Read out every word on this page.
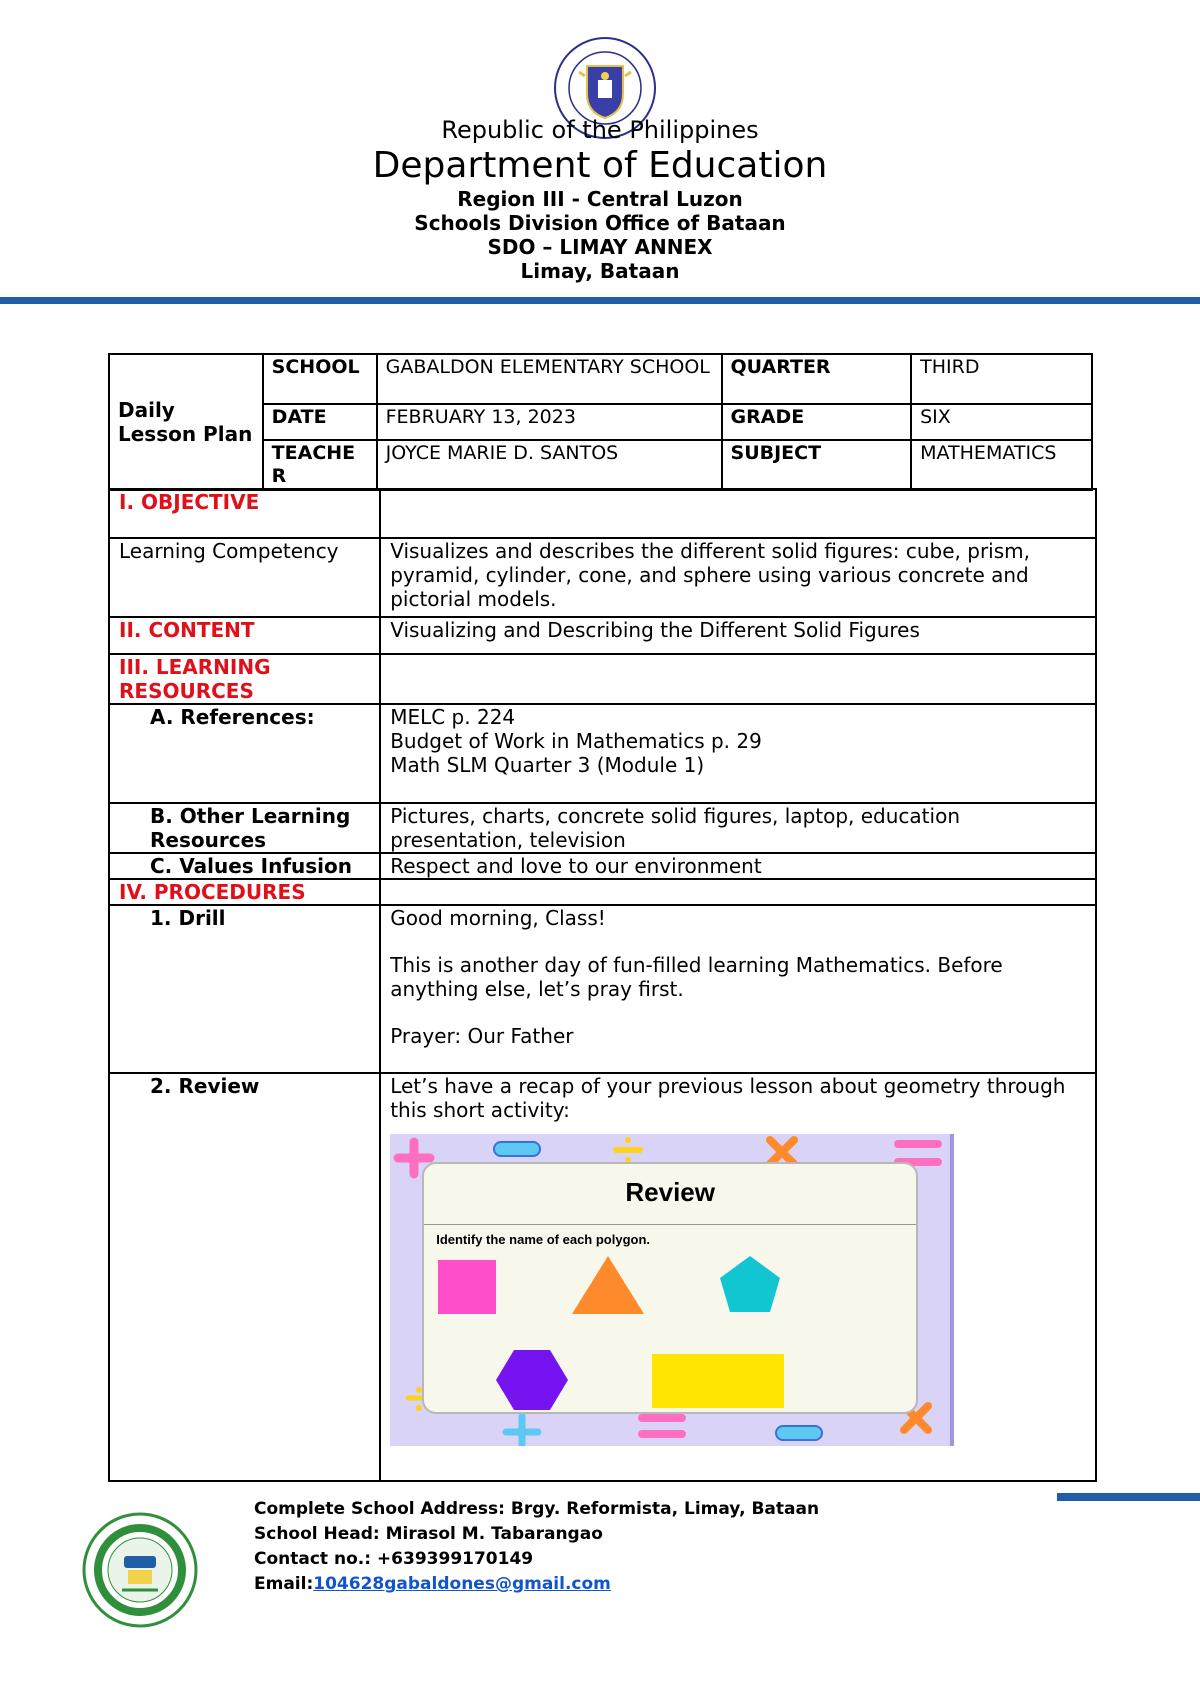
Republic of the Philippines
Department of Education
Region III - Central Luzon
Schools Division Office of Bataan
SDO – LIMAY ANNEX
Limay, Bataan
Daily Lesson Plan	SCHOOL	GABALDON ELEMENTARY SCHOOL	QUARTER	THIRD
	DATE	FEBRUARY 13, 2023	GRADE	SIX
	TEACHE R	JOYCE MARIE D. SANTOS	SUBJECT	MATHEMATICS
I. OBJECTIVE	
Learning Competency	Visualizes and describes the different solid figures: cube, prism, pyramid, cylinder, cone, and sphere using various concrete and pictorial models.
II. CONTENT	Visualizing and Describing the Different Solid Figures
III. LEARNING RESOURCES	
A. References:	MELC p. 224
Budget of Work in Mathematics p. 29
Math SLM Quarter 3 (Module 1)

B. Other Learning Resources	Pictures, charts, concrete solid figures, laptop, education presentation, television
C. Values Infusion	Respect and love to our environment
IV. PROCEDURES	
1. Drill	Good morning, Class!
This is another day of fun-filled learning Mathematics. Before anything else, let’s pray first.
Prayer: Our Father

2. Review	Let’s have a recap of your previous lesson about geometry through this short activity:
Review
Identify the name of each polygon.
Complete School Address: Brgy. Reformista, Limay, Bataan
School Head: Mirasol M. Tabarangao
Contact no.: +639399170149
Email:104628gabaldones@gmail.com
